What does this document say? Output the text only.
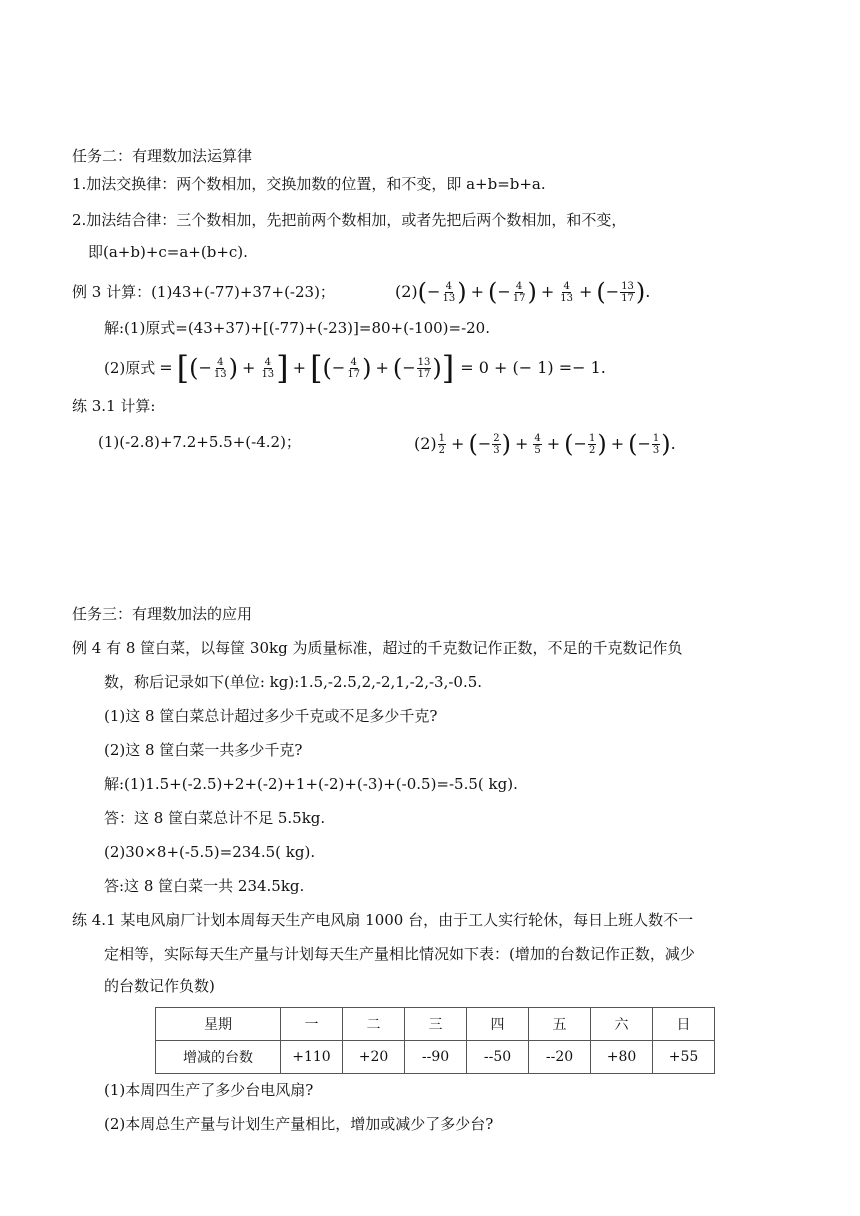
任务二：有理数加法运算律
1.加法交换律：两个数相加，交换加数的位置，和不变，即 a+b=b+a.
2.加法结合律：三个数相加，先把前两个数相加，或者先把后两个数相加，和不变，
即(a+b)+c=a+(b+c).
例 3 计算：(1)43+(-77)+37+(-23)；	(2) ( − $\frac{4}{13}$ ) + ( − $\frac{4}{17}$ ) + $\frac{4}{13}$ + ( − $\frac{13}{17}$ ) .
解:(1)原式=(43+37)+[(-77)+(-23)]=80+(-100)=-20.
(2)原式 = [ ( − $\frac{4}{13}$ ) + $\frac{4}{13}$ ] + [ ( − $\frac{4}{17}$ ) + ( − $\frac{13}{17}$ ) ] = 0 + (− 1) =− 1.
练 3.1 计算:
(1)(-2.8)+7.2+5.5+(-4.2)；	$(2) \frac{1}{2}$ + ( − $\frac{2}{3}$ ) + $\frac{4}{5}$ + ( − $\frac{1}{2}$ ) + ( − $\frac{1}{3}$ ) .
任务三：有理数加法的应用
例 4 有 8 筐白菜，以每筐 30kg 为质量标准，超过的千克数记作正数，不足的千克数记作负
数，称后记录如下(单位: kg):1.5,-2.5,2,-2,1,-2,-3,-0.5.
(1)这 8 筐白菜总计超过多少千克或不足多少千克?
(2)这 8 筐白菜一共多少千克?
解:(1)1.5+(-2.5)+2+(-2)+1+(-2)+(-3)+(-0.5)=-5.5( kg).
答：这 8 筐白菜总计不足 5.5kg.
(2)30×8+(-5.5)=234.5( kg).
答:这 8 筐白菜一共 234.5kg.
练 4.1 某电风扇厂计划本周每天生产电风扇 1000 台，由于工人实行轮休，每日上班人数不一
定相等，实际每天生产量与计划每天生产量相比情况如下表：(增加的台数记作正数，减少
的台数记作负数)
星期	一	二	三	四	五	六	日
增减的台数	+110	+20	--90	--50	--20	+80	+55
(1)本周四生产了多少台电风扇?
(2)本周总生产量与计划生产量相比，增加或减少了多少台?
